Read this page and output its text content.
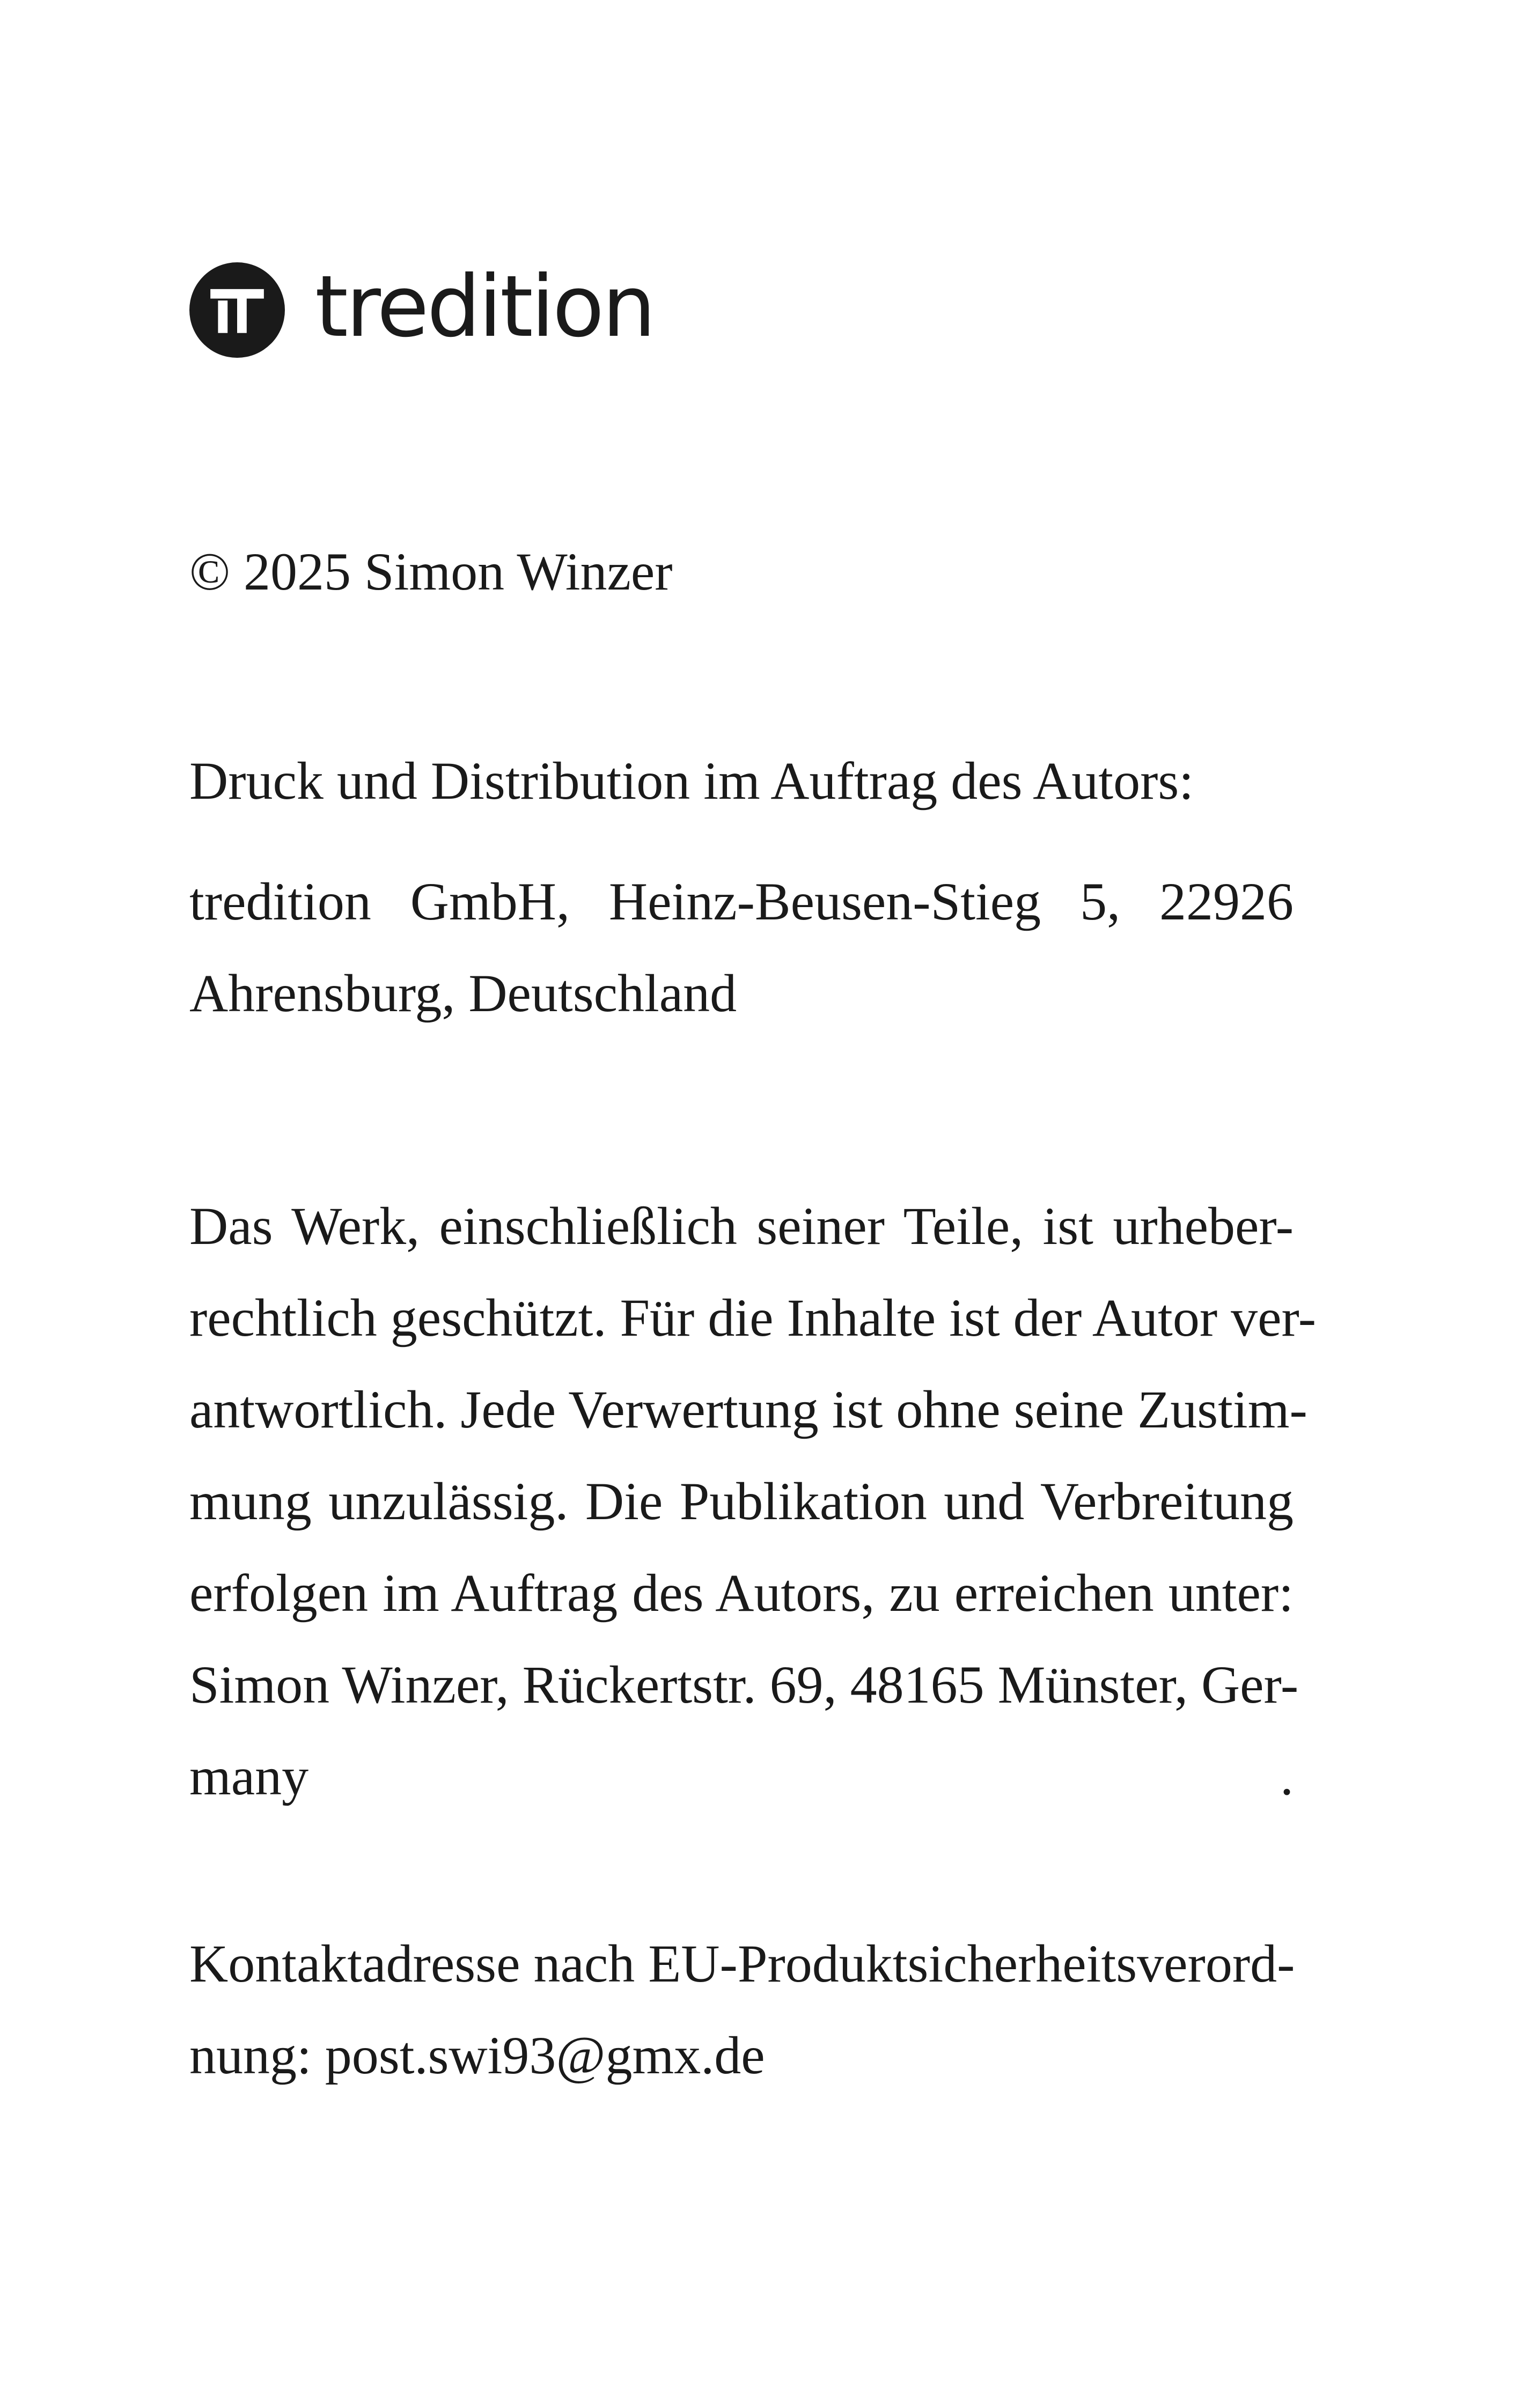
tredition
© 2025 Simon Winzer
Druck und Distribution im Auftrag des Autors:
tredition GmbH, Heinz-Beusen-Stieg 5, 22926
Ahrensburg, Deutschland
Das Werk, einschließlich seiner Teile, ist urheber-
rechtlich geschützt. Für die Inhalte ist der Autor ver-
antwortlich. Jede Verwertung ist ohne seine Zustim-
mung unzulässig. Die Publikation und Verbreitung
erfolgen im Auftrag des Autors, zu erreichen unter:
Simon Winzer, Rückertstr. 69, 48165 Münster, Ger-
many .
Kontaktadresse nach EU-Produktsicherheitsverord-
nung: post.swi93@gmx.de
